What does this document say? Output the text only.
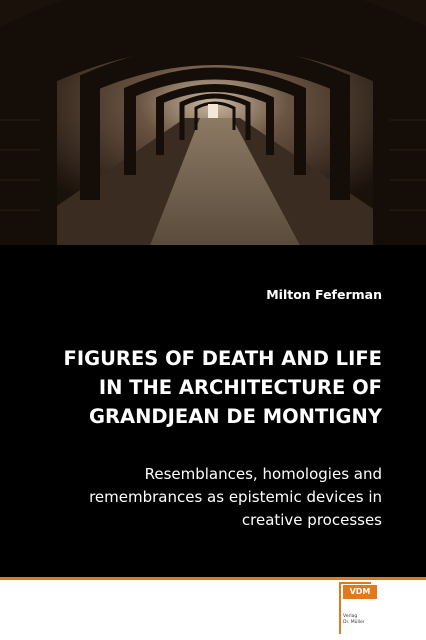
Milton Feferman
FIGURES OF DEATH AND LIFE IN THE ARCHITECTURE OF GRANDJEAN DE MONTIGNY

Resemblances, homologies and remembrances as epistemic devices in creative processes

VDM
Verlag
Dr. Müller
